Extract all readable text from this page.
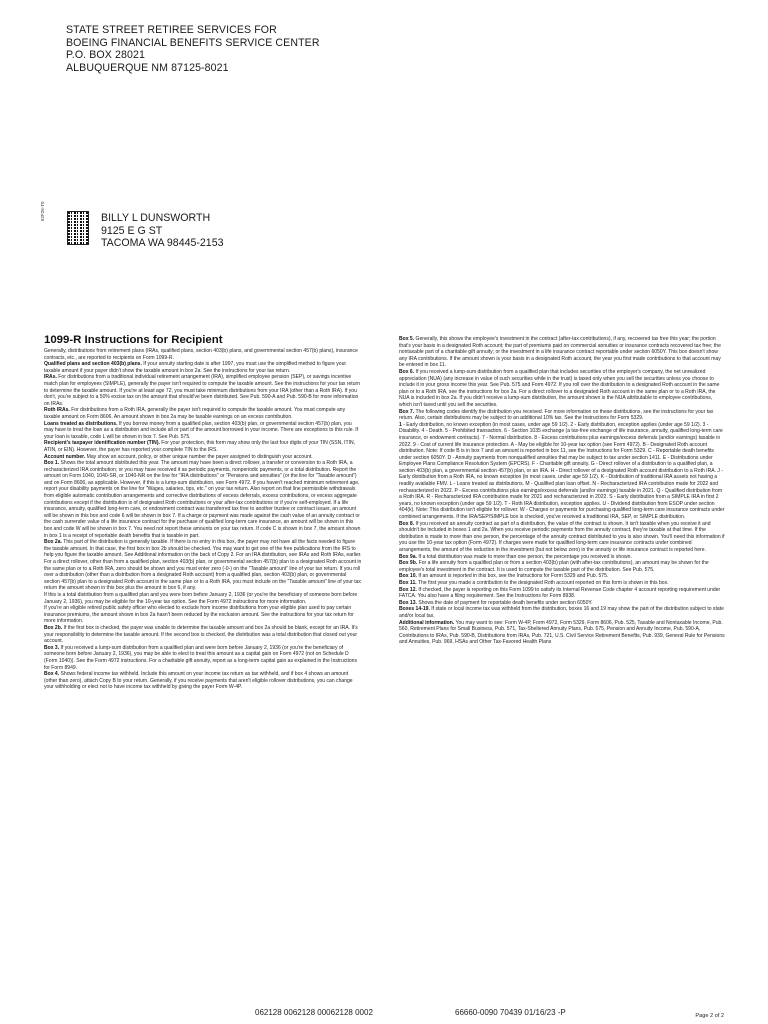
STATE STREET RETIREE SERVICES FOR
BOEING FINANCIAL BENEFITS SERVICE CENTER
P.O. BOX 28021
ALBUQUERQUE NM 87125-8021
62F26-T0	BILLY L DUNSWORTH
9125 E G ST
TACOMA WA 98445-2153
1099-R Instructions for Recipient

Generally, distributions from retirement plans (IRAs, qualified plans, section 403(b) plans, and governmental section 457(b) plans), insurance contracts, etc., are reported to recipients on Form 1099-R.

Qualified plans and section 403(b) plans. If your annuity starting date is after 1997, you must use the simplified method to figure your taxable amount if your payer didn't show the taxable amount in box 2a. See the instructions for your tax return.

IRAs. For distributions from a traditional individual retirement arrangement (IRA), simplified employee pension (SEP), or savings incentive match plan for employees (SIMPLE), generally the payer isn't required to compute the taxable amount. See the instructions for your tax return to determine the taxable amount. If you're at least age 72, you must take minimum distributions from your IRA (other than a Roth IRA). If you don't, you're subject to a 50% excise tax on the amount that should've been distributed. See Pub. 590-A and Pub. 590-B for more information on IRAs.

Roth IRAs. For distributions from a Roth IRA, generally the payer isn't required to compute the taxable amount. You must compute any taxable amount on Form 8606. An amount shown in box 2a may be taxable earnings on an excess contribution.

Loans treated as distributions. If you borrow money from a qualified plan, section 403(b) plan, or governmental section 457(b) plan, you may have to treat the loan as a distribution and include all or part of the amount borrowed in your income. There are exceptions to this rule. If your loan is taxable, code L will be shown in box 7. See Pub. 575.

Recipient's taxpayer identification number (TIN). For your protection, this form may show only the last four digits of your TIN (SSN, ITIN, ATIN, or EIN). However, the payer has reported your complete TIN to the IRS.

Account number. May show an account, policy, or other unique number the payer assigned to distinguish your account.

Box 1. Shows the total amount distributed this year. The amount may have been a direct rollover, a transfer or conversion to a Roth IRA, a recharacterized IRA contribution; or you may have received it as periodic payments, nonperiodic payments, or a total distribution. Report the amount on Form 1040, 1040-SR, or 1040-NR on the line for "IRA distributions" or "Pensions and annuities" (or the line for "Taxable amount") and on Form 8606, as applicable. However, if this is a lump-sum distribution, see Form 4972. If you haven't reached minimum retirement age, report your disability payments on the line for "Wages, salaries, tips, etc." on your tax return. Also report on that line permissible withdrawals from eligible automatic contribution arrangements and corrective distributions of excess deferrals, excess contributions, or excess aggregate contributions except if the distribution is of designated Roth contributions or your after-tax contributions or if you're self-employed. If a life insurance, annuity, qualified long-term care, or endowment contract was transferred tax free to another trustee or contract issuer, an amount will be shown in this box and code 6 will be shown in box 7. If a charge or payment was made against the cash value of an annuity contract or the cash surrender value of a life insurance contract for the purchase of qualified long-term care insurance, an amount will be shown in this box and code W will be shown in box 7. You need not report these amounts on your tax return. If code C is shown in box 7, the amount shown in box 1 is a receipt of reportable death benefits that is taxable in part.

Box 2a. This part of the distribution is generally taxable. If there is no entry in this box, the payer may not have all the facts needed to figure the taxable amount. In that case, the first box in box 2b should be checked. You may want to get one of the free publications from the IRS to help you figure the taxable amount. See Additional information on the back of Copy 2. For an IRA distribution, see IRAs and Roth IRAs, earlier.

For a direct rollover, other than from a qualified plan, section 403(b) plan, or governmental section 457(b) plan to a designated Roth account in the same plan or to a Roth IRA, zero should be shown and you must enter zero (-0-) on the "Taxable amount" line of your tax return. If you roll over a distribution (other than a distribution from a designated Roth account) from a qualified plan, section 403(b) plan, or governmental section 457(b) plan to a designated Roth account in the same plan or to a Roth IRA, you must include on the "Taxable amount" line of your tax return the amount shown in this box plus the amount in box 6, if any.

If this is a total distribution from a qualified plan and you were born before January 2, 1936 (or you're the beneficiary of someone born before January 2, 1936), you may be eligible for the 10-year tax option. See the Form 4972 instructions for more information.

If you're an eligible retired public safety officer who elected to exclude from income distributions from your eligible plan used to pay certain insurance premiums, the amount shown in box 2a hasn't been reduced by the exclusion amount. See the instructions for your tax return for more information.

Box 2b. If the first box is checked, the payer was unable to determine the taxable amount and box 2a should be blank, except for an IRA. It's your responsibility to determine the taxable amount. If the second box is checked, the distribution was a total distribution that closed out your account.

Box 3. If you received a lump-sum distribution from a qualified plan and were born before January 2, 1936 (or you're the beneficiary of someone born before January 2, 1936), you may be able to elect to treat this amount as a capital gain on Form 4972 (not on Schedule D (Form 1040)). See the Form 4972 instructions. For a charitable gift annuity, report as a long-term capital gain as explained in the Instructions for Form 8949.

Box 4. Shows federal income tax withheld. Include this amount on your income tax return as tax withheld, and if box 4 shows an amount (other than zero), attach Copy B to your return. Generally, if you receive payments that aren't eligible rollover distributions, you can change your withholding or elect not to have income tax withheld by giving the payer Form W-4P.

Box 5. Generally, this shows the employee's investment in the contract (after-tax contributions), if any, recovered tax free this year; the portion that's your basis in a designated Roth account; the part of premiums paid on commercial annuities or insurance contracts recovered tax free; the nontaxable part of a charitable gift annuity; or the investment in a life insurance contract reportable under section 6050Y. This box doesn't show any IRA contributions. If the amount shown is your basis in a designated Roth account, the year you first made contributions to that account may be entered in box 11.

Box 6. If you received a lump-sum distribution from a qualified plan that includes securities of the employer's company, the net unrealized appreciation (NUA) (any increase in value of such securities while in the trust) is taxed only when you sell the securities unless you choose to include it in your gross income this year. See Pub. 575 and Form 4972. If you roll over the distribution to a designated Roth account in the same plan or to a Roth IRA, see the instructions for box 2a. For a direct rollover to a designated Roth account in the same plan or to a Roth IRA, the NUA is included in box 2a. If you didn't receive a lump-sum distribution, the amount shown is the NUA attributable to employee contributions, which isn't taxed until you sell the securities.

Box 7. The following codes identify the distribution you received. For more information on these distributions, see the instructions for your tax return. Also, certain distributions may be subject to an additional 10% tax. See the Instructions for Form 5329.

1 - Early distribution, no known exception (in most cases, under age 59 1/2). 2 - Early distribution, exception applies (under age 59 1/2). 3 - Disability. 4 - Death. 5 - Prohibited transaction. 6 - Section 1035 exchange (a tax-free exchange of life insurance, annuity, qualified long-term care insurance, or endowment contracts). 7 - Normal distribution. 8 - Excess contributions plus earnings/excess deferrals (and/or earnings) taxable in 2022. 9 - Cost of current life insurance protection. A - May be eligible for 10-year tax option (see Form 4972). B - Designated Roth account distribution. Note: If code B is in box 7 and an amount is reported in box 11, see the Instructions for Form 5329. C - Reportable death benefits under section 6050Y. D - Annuity payments from nonqualified annuities that may be subject to tax under section 1411. E - Distributions under Employee Plans Compliance Resolution System (EPCRS). F - Charitable gift annuity. G - Direct rollover of a distribution to a qualified plan, a section 403(b) plan, a governmental section 457(b) plan, or an IRA. H - Direct rollover of a designated Roth account distribution to a Roth IRA. J - Early distribution from a Roth IRA, no known exception (in most cases, under age 59 1/2). K - Distribution of traditional IRA assets not having a readily available FMV. L - Loans treated as distributions. M - Qualified plan loan offset. N - Recharacterized IRA contribution made for 2022 and recharacterized in 2022. P - Excess contributions plus earnings/excess deferrals (and/or earnings) taxable in 2021. Q - Qualified distribution from a Roth IRA. R - Recharacterized IRA contribution made for 2021 and recharacterized in 2022. S - Early distribution from a SIMPLE IRA in first 2 years, no known exception (under age 59 1/2). T - Roth IRA distribution, exception applies. U - Dividend distribution from ESOP under section 404(k). Note: This distribution isn't eligible for rollover. W - Charges or payments for purchasing qualified long-term care insurance contracts under combined arrangements. If the IRA/SEP/SIMPLE box is checked, you've received a traditional IRA, SEP, or SIMPLE distribution.

Box 8. If you received an annuity contract as part of a distribution, the value of the contract is shown. It isn't taxable when you receive it and shouldn't be included in boxes 1 and 2a. When you receive periodic payments from the annuity contract, they're taxable at that time. If the distribution is made to more than one person, the percentage of the annuity contract distributed to you is also shown. You'll need this information if you use the 10-year tax option (Form 4972). If charges were made for qualified long-term care insurance contracts under combined arrangements, the amount of the reduction in the investment (but not below zero) in the annuity or life insurance contract is reported here.

Box 9a. If a total distribution was made to more than one person, the percentage you received is shown.

Box 9b. For a life annuity from a qualified plan or from a section 403(b) plan (with after-tax contributions), an amount may be shown for the employee's total investment in the contract. It is used to compute the taxable part of the distribution. See Pub. 575.

Box 10. If an amount is reported in this box, see the Instructions for Form 5329 and Pub. 575.

Box 11. The first year you made a contribution to the designated Roth account reported on this form is shown in this box.

Box 12. If checked, the payer is reporting on this Form 1099 to satisfy its Internal Revenue Code chapter 4 account reporting requirement under FATCA. You also have a filing requirement. See the Instructions for Form 8938.

Box 13. Shows the date of payment for reportable death benefits under section 6050Y.

Boxes 14-19. If state or local income tax was withheld from the distribution, boxes 16 and 19 may show the part of the distribution subject to state and/or local tax.

Additional information. You may want to see: Form W-4P, Form 4972, Form 5329, Form 8606, Pub. 525, Taxable and Nontaxable Income, Pub. 560, Retirement Plans for Small Business, Pub. 571, Tax-Sheltered Annuity Plans, Pub. 575, Pension and Annuity Income, Pub. 590-A, Contributions to IRAs, Pub. 590-B, Distributions from IRAs, Pub. 721, U.S. Civil Service Retirement Benefits, Pub. 939, General Rule for Pensions and Annuities, Pub. 969, HSAs and Other Tax-Favored Health Plans

Page 2 of 2
062128 0062128 00062128 0002	66660-0090 70439 01/16/23 -P
